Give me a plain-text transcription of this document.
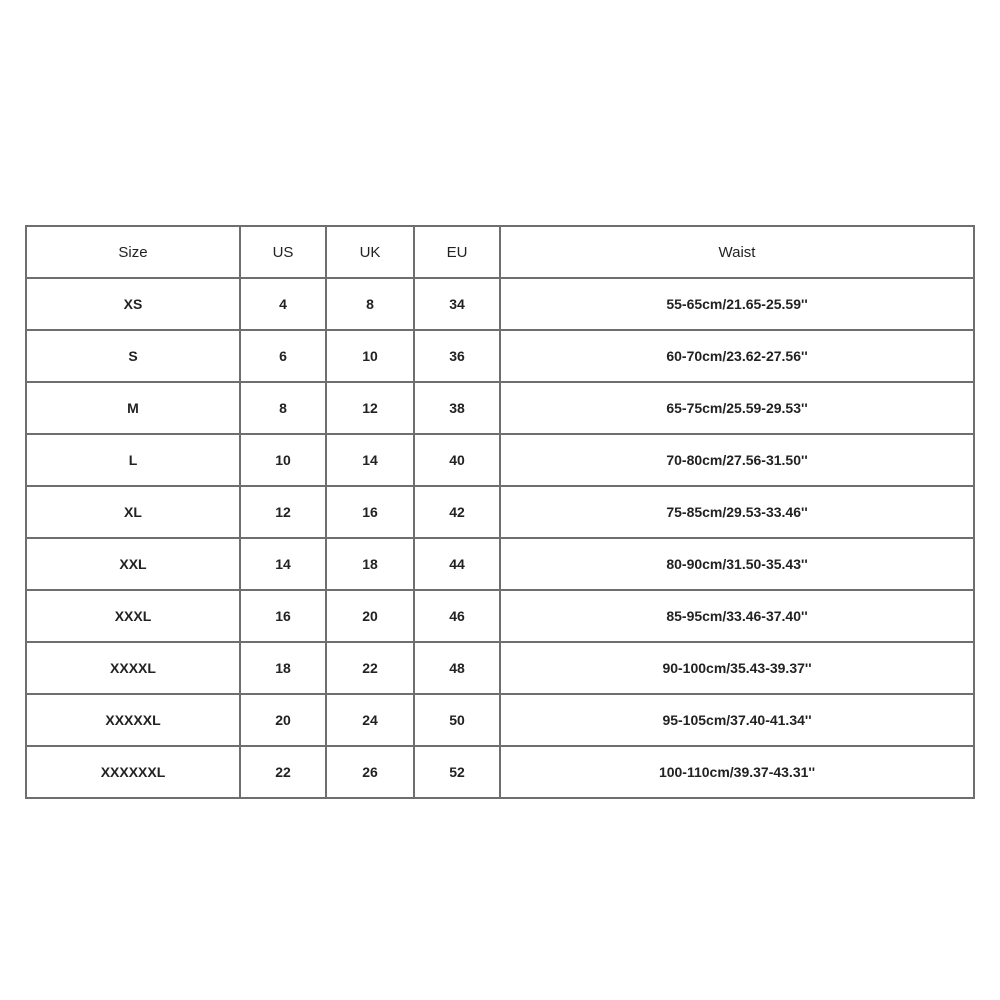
Size	US	UK	EU	Waist
XS	4	8	34	55-65cm/21.65-25.59''
S	6	10	36	60-70cm/23.62-27.56''
M	8	12	38	65-75cm/25.59-29.53''
L	10	14	40	70-80cm/27.56-31.50''
XL	12	16	42	75-85cm/29.53-33.46''
XXL	14	18	44	80-90cm/31.50-35.43''
XXXL	16	20	46	85-95cm/33.46-37.40''
XXXXL	18	22	48	90-100cm/35.43-39.37''
XXXXXL	20	24	50	95-105cm/37.40-41.34''
XXXXXXL	22	26	52	100-110cm/39.37-43.31''
